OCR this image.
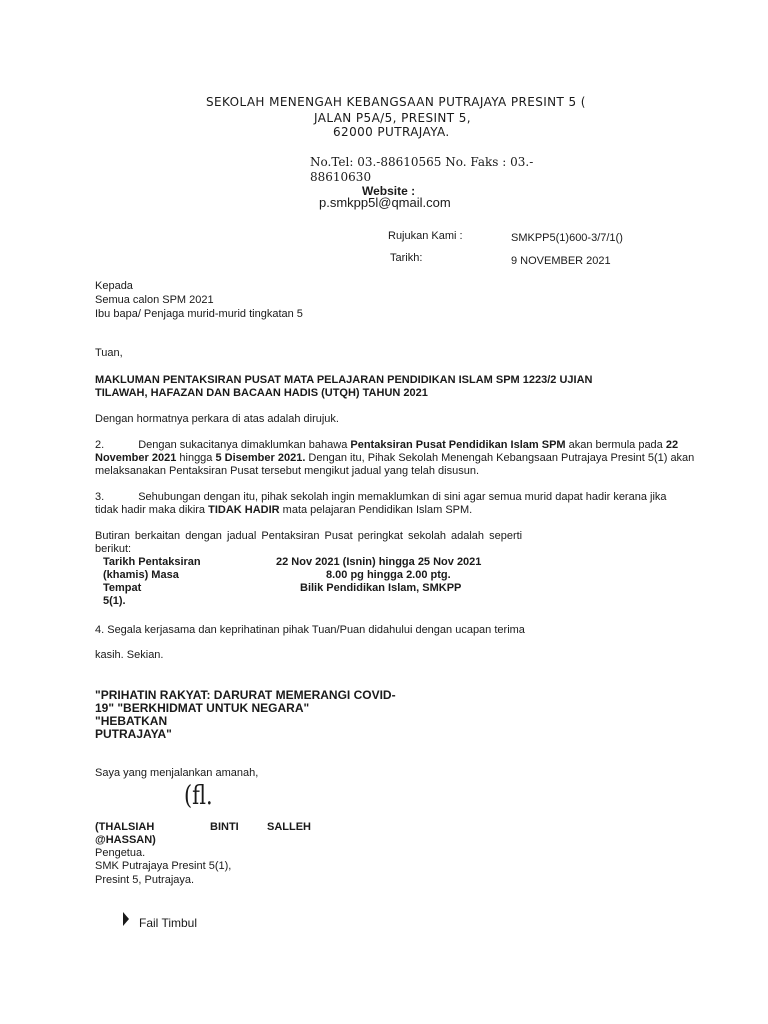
SEKOLAH MENENGAH KEBANGSAAN PUTRAJAYA PRESINT 5 (
JALAN P5A/5, PRESINT 5,
62000 PUTRAJAYA.
No.Tel: 03.-88610565 No. Faks : 03.-
88610630
Website :
p.smkpp5l@qmail.com
Rujukan Kami :	SMKPP5(1)600-3/7/1()
Tarikh:	9 NOVEMBER 2021
Kepada
Semua calon SPM 2021
Ibu bapa/ Penjaga murid-murid tingkatan 5
Tuan,
MAKLUMAN PENTAKSIRAN PUSAT MATA PELAJARAN PENDIDIKAN ISLAM SPM 1223/2 UJIAN
TILAWAH, HAFAZAN DAN BACAAN HADIS (UTQH) TAHUN 2021
Dengan hormatnya perkara di atas adalah dirujuk.
2.	Dengan sukacitanya dimaklumkan bahawa Pentaksiran Pusat Pendidikan Islam SPM akan bermula pada 22 November 2021 hingga 5 Disember 2021. Dengan itu, Pihak Sekolah Menengah Kebangsaan Putrajaya Presint 5(1) akan melaksanakan Pentaksiran Pusat tersebut mengikut jadual yang telah disusun.
3.	Sehubungan dengan itu, pihak sekolah ingin memaklumkan di sini agar semua murid dapat hadir kerana jika tidak hadir maka dikira TIDAK HADIR mata pelajaran Pendidikan Islam SPM.
Butiran berkaitan dengan jadual Pentaksiran Pusat peringkat sekolah adalah seperti
berikut:
Tarikh Pentaksiran	22 Nov 2021 (Isnin) hingga 25 Nov 2021
(khamis) Masa	8.00 pg hingga 2.00 ptg.
Tempat	Bilik Pendidikan Islam, SMKPP
5(1).
4. Segala kerjasama dan keprihatinan pihak Tuan/Puan didahului dengan ucapan terima
kasih. Sekian.
"PRIHATIN RAKYAT: DARURAT MEMERANGI COVID-
19" "BERKHIDMAT UNTUK NEGARA"
"HEBATKAN
PUTRAJAYA"
Saya yang menjalankan amanah,
(fl.
(THALSIAH	BINTI	SALLEH
@HASSAN)
Pengetua.
SMK Putrajaya Presint 5(1),
Presint 5, Putrajaya.
Fail Timbul
